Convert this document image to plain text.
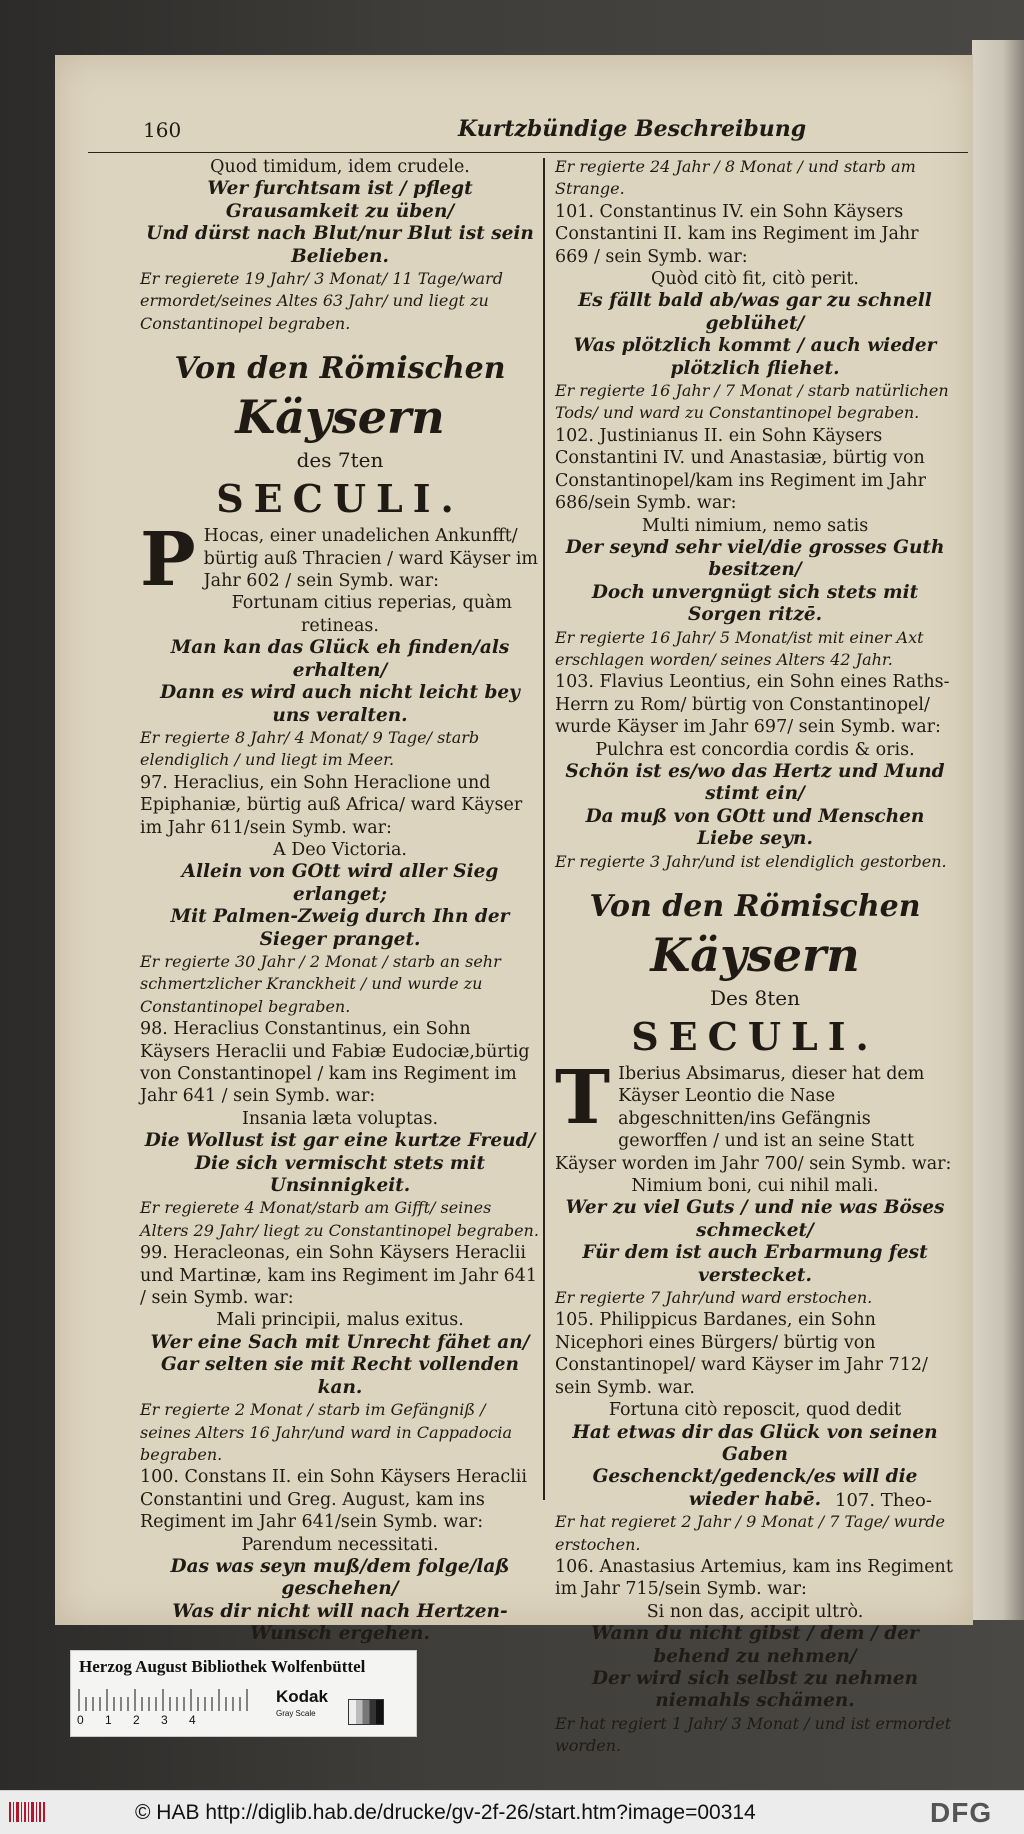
160	Kurtzbündige Beschreibung

Quod timidum, idem crudele.

Wer furchtsam ist / pflegt Grausamkeit zu üben/

Und dürst nach Blut/nur Blut ist sein Belieben.

Er regierete 19 Jahr/ 3 Monat/ 11 Tage/ward ermordet/seines Altes 63 Jahr/ und liegt zu Constantinopel begraben.

Von den Römischen
Käysern
des 7ten
SECULI.
P Hocas, einer unadelichen Ankunfft/ bürtig auß Thracien / ward Käyser im Jahr 602 / sein Symb. war:

Fortunam citius reperias, quàm retineas.

Man kan das Glück eh finden/als erhalten/

Dann es wird auch nicht leicht bey uns veralten.

Er regierte 8 Jahr/ 4 Monat/ 9 Tage/ starb elendiglich / und liegt im Meer.

97. Heraclius, ein Sohn Heraclione und Epiphaniæ, bürtig auß Africa/ ward Käyser im Jahr 611/sein Symb. war:

A Deo Victoria.

Allein von GOtt wird aller Sieg erlanget;

Mit Palmen-Zweig durch Ihn der Sieger pranget.

Er regierte 30 Jahr / 2 Monat / starb an sehr schmertzlicher Kranckheit / und wurde zu Constantinopel begraben.

98. Heraclius Constantinus, ein Sohn Käysers Heraclii und Fabiæ Eudociæ,bürtig von Constantinopel / kam ins Regiment im Jahr 641 / sein Symb. war:

Insania læta voluptas.

Die Wollust ist gar eine kurtze Freud/

Die sich vermischt stets mit Unsinnigkeit.

Er regierete 4 Monat/starb am Gifft/ seines Alters 29 Jahr/ liegt zu Constantinopel begraben.

99. Heracleonas, ein Sohn Käysers Heraclii und Martinæ, kam ins Regiment im Jahr 641 / sein Symb. war:

Mali principii, malus exitus.

Wer eine Sach mit Unrecht fähet an/

Gar selten sie mit Recht vollenden kan.

Er regierte 2 Monat / starb im Gefängniß / seines Alters 16 Jahr/und ward in Cappadocia begraben.

100. Constans II. ein Sohn Käysers Heraclii Constantini und Greg. August, kam ins Regiment im Jahr 641/sein Symb. war:

Parendum necessitati.

Das was seyn muß/dem folge/laß geschehen/

Was dir nicht will nach Hertzen-Wunsch ergehen.

Er regierte 24 Jahr / 8 Monat / und starb am Strange.

101. Constantinus IV. ein Sohn Käysers Constantini II. kam ins Regiment im Jahr 669 / sein Symb. war:

Quòd citò fit, citò perit.

Es fällt bald ab/was gar zu schnell geblühet/

Was plötzlich kommt / auch wieder plötzlich fliehet.

Er regierte 16 Jahr / 7 Monat / starb natürlichen Tods/ und ward zu Constantinopel begraben.

102. Justinianus II. ein Sohn Käysers Constantini IV. und Anastasiæ, bürtig von Constantinopel/kam ins Regiment im Jahr 686/sein Symb. war:

Multi nimium, nemo satis

Der seynd sehr viel/die grosses Guth besitzen/

Doch unvergnügt sich stets mit Sorgen ritzē.

Er regierte 16 Jahr/ 5 Monat/ist mit einer Axt erschlagen worden/ seines Alters 42 Jahr.

103. Flavius Leontius, ein Sohn eines Raths-Herrn zu Rom/ bürtig von Constantinopel/ wurde Käyser im Jahr 697/ sein Symb. war:

Pulchra est concordia cordis & oris.

Schön ist es/wo das Hertz und Mund stimt ein/

Da muß von GOtt und Menschen Liebe seyn.

Er regierte 3 Jahr/und ist elendiglich gestorben.

Von den Römischen
Käysern
Des 8ten
SECULI.
T Iberius Absimarus, dieser hat dem Käyser Leontio die Nase abgeschnitten/ins Gefängnis geworffen / und ist an seine Statt Käyser worden im Jahr 700/ sein Symb. war:

Nimium boni, cui nihil mali.

Wer zu viel Guts / und nie was Böses schmecket/

Für dem ist auch Erbarmung fest verstecket.

Er regierte 7 Jahr/und ward erstochen.

105. Philippicus Bardanes, ein Sohn Nicephori eines Bürgers/ bürtig von Constantinopel/ ward Käyser im Jahr 712/ sein Symb. war.

Fortuna citò reposcit, quod dedit

Hat etwas dir das Glück von seinen Gaben

Geschenckt/gedenck/es will die wieder habē.

Er hat regieret 2 Jahr / 9 Monat / 7 Tage/ wurde erstochen.

106. Anastasius Artemius, kam ins Regiment im Jahr 715/sein Symb. war:

Si non das, accipit ultrò.

Wann du nicht gibst / dem / der behend zu nehmen/

Der wird sich selbst zu nehmen niemahls schämen.

Er hat regiert 1 Jahr/ 3 Monat / und ist ermordet worden.

107. Theo-
Herzog August Bibliothek Wolfenbüttel
0 1 2 3 4
Kodak
Gray Scale
© HAB http://diglib.hab.de/drucke/gv-2f-26/start.htm?image=00314	DFG
